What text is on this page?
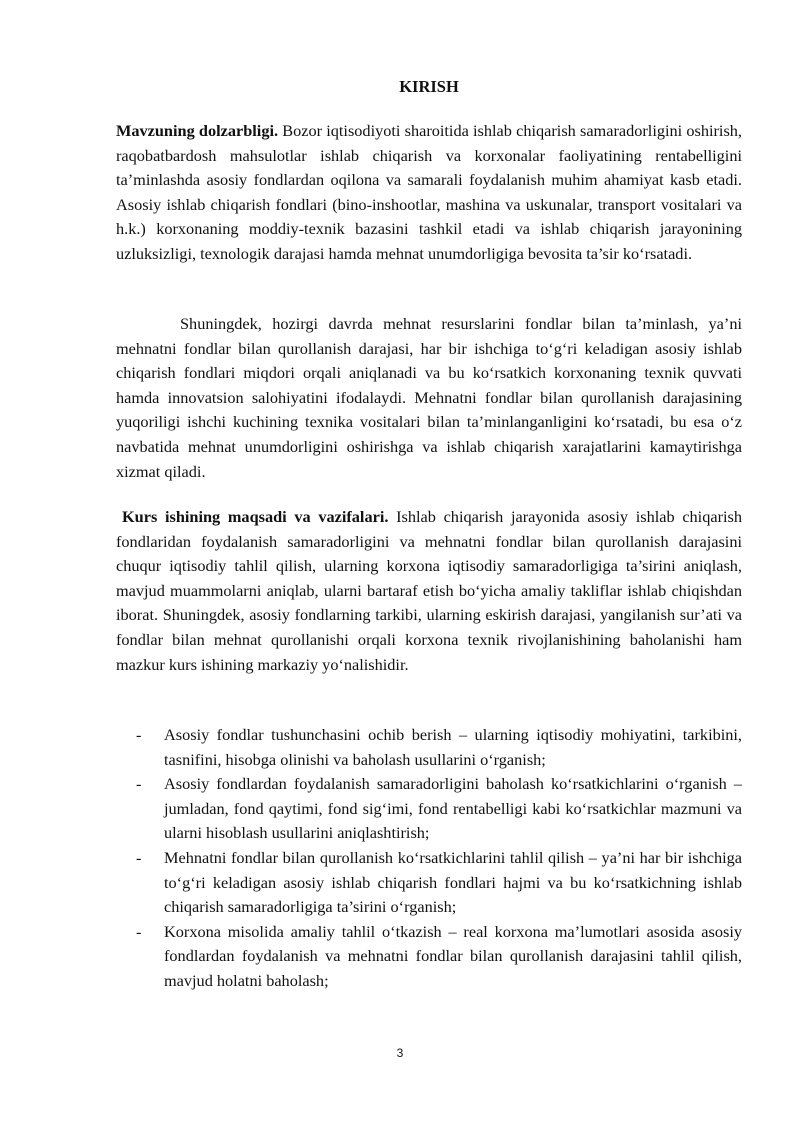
KIRISH

Mavzuning dolzarbligi. Bozor iqtisodiyoti sharoitida ishlab chiqarish samaradorligini oshirish, raqobatbardosh mahsulotlar ishlab chiqarish va korxonalar faoliyatining rentabelligini ta’minlashda asosiy fondlardan oqilona va samarali foydalanish muhim ahamiyat kasb etadi. Asosiy ishlab chiqarish fondlari (bino-inshootlar, mashina va uskunalar, transport vositalari va h.k.) korxonaning moddiy-texnik bazasini tashkil etadi va ishlab chiqarish jarayonining uzluksizligi, texnologik darajasi hamda mehnat unumdorligiga bevosita ta’sir ko‘rsatadi.

Shuningdek, hozirgi davrda mehnat resurslarini fondlar bilan ta’minlash, ya’ni mehnatni fondlar bilan qurollanish darajasi, har bir ishchiga to‘g‘ri keladigan asosiy ishlab chiqarish fondlari miqdori orqali aniqlanadi va bu ko‘rsatkich korxonaning texnik quvvati hamda innovatsion salohiyatini ifodalaydi. Mehnatni fondlar bilan qurollanish darajasining yuqoriligi ishchi kuchining texnika vositalari bilan ta’minlanganligini ko‘rsatadi, bu esa o‘z navbatida mehnat unumdorligini oshirishga va ishlab chiqarish xarajatlarini kamaytirishga xizmat qiladi.

Kurs ishining maqsadi va vazifalari. Ishlab chiqarish jarayonida asosiy ishlab chiqarish fondlaridan foydalanish samaradorligini va mehnatni fondlar bilan qurollanish darajasini chuqur iqtisodiy tahlil qilish, ularning korxona iqtisodiy samaradorligiga ta’sirini aniqlash, mavjud muammolarni aniqlab, ularni bartaraf etish bo‘yicha amaliy takliflar ishlab chiqishdan iborat. Shuningdek, asosiy fondlarning tarkibi, ularning eskirish darajasi, yangilanish sur’ati va fondlar bilan mehnat qurollanishi orqali korxona texnik rivojlanishining baholanishi ham mazkur kurs ishining markaziy yo‘nalishidir.

- Asosiy fondlar tushunchasini ochib berish – ularning iqtisodiy mohiyatini, tarkibini, tasnifini, hisobga olinishi va baholash usullarini o‘rganish;
- Asosiy fondlardan foydalanish samaradorligini baholash ko‘rsatkichlarini o‘rganish – jumladan, fond qaytimi, fond sig‘imi, fond rentabelligi kabi ko‘rsatkichlar mazmuni va ularni hisoblash usullarini aniqlashtirish;
- Mehnatni fondlar bilan qurollanish ko‘rsatkichlarini tahlil qilish – ya’ni har bir ishchiga to‘g‘ri keladigan asosiy ishlab chiqarish fondlari hajmi va bu ko‘rsatkichning ishlab chiqarish samaradorligiga ta’sirini o‘rganish;
- Korxona misolida amaliy tahlil o‘tkazish – real korxona ma’lumotlari asosida asosiy fondlardan foydalanish va mehnatni fondlar bilan qurollanish darajasini tahlil qilish, mavjud holatni baholash;
3
